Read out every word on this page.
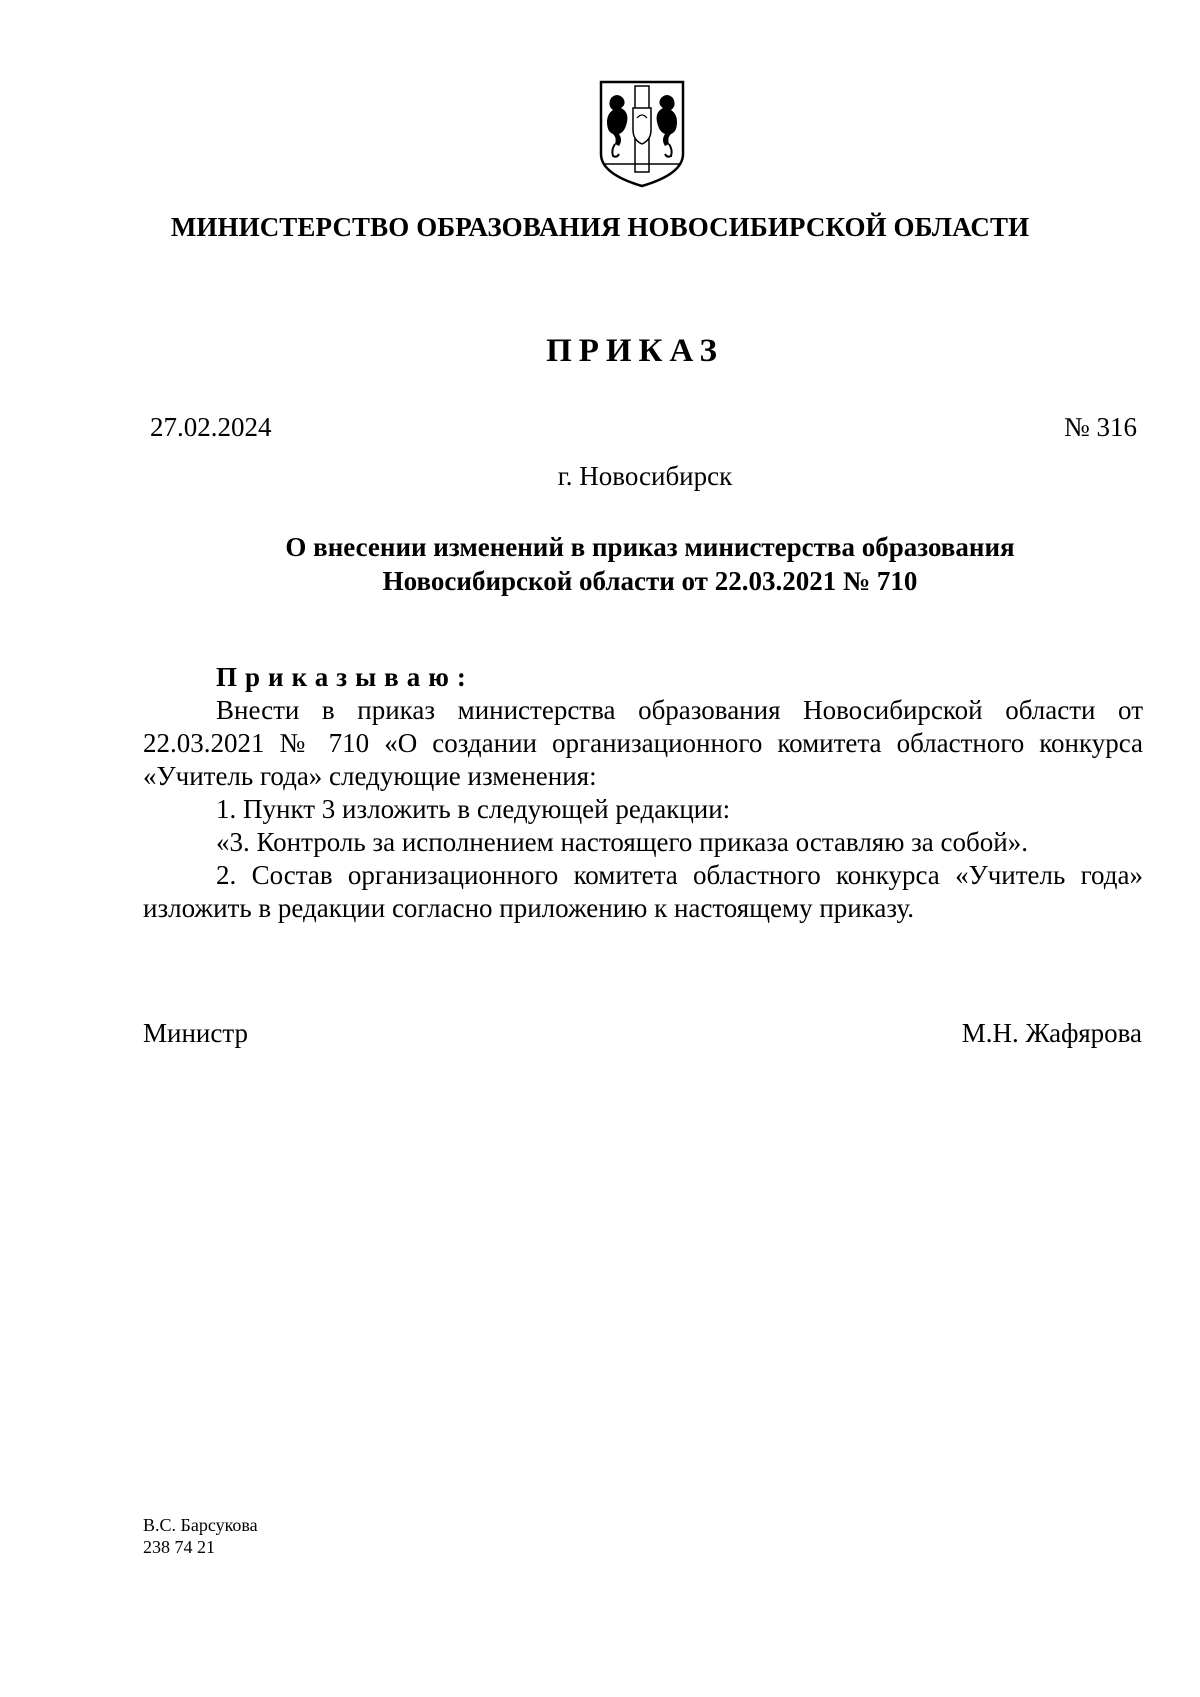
МИНИСТЕРСТВО ОБРАЗОВАНИЯ НОВОСИБИРСКОЙ ОБЛАСТИ
ПРИКАЗ
27.02.2024	№ 316
г. Новосибирск
О внесении изменений в приказ министерства образования
Новосибирской области от 22.03.2021 № 710

Приказываю:

Внести в приказ министерства образования Новосибирской области от 22.03.2021 № 710 «О создании организационного комитета областного конкурса «Учитель года» следующие изменения:

1. Пункт 3 изложить в следующей редакции:

«3. Контроль за исполнением настоящего приказа оставляю за собой».

2. Состав организационного комитета областного конкурса «Учитель года» изложить в редакции согласно приложению к настоящему приказу.

Министр	М.Н. Жафярова
В.С. Барсукова
238 74 21
